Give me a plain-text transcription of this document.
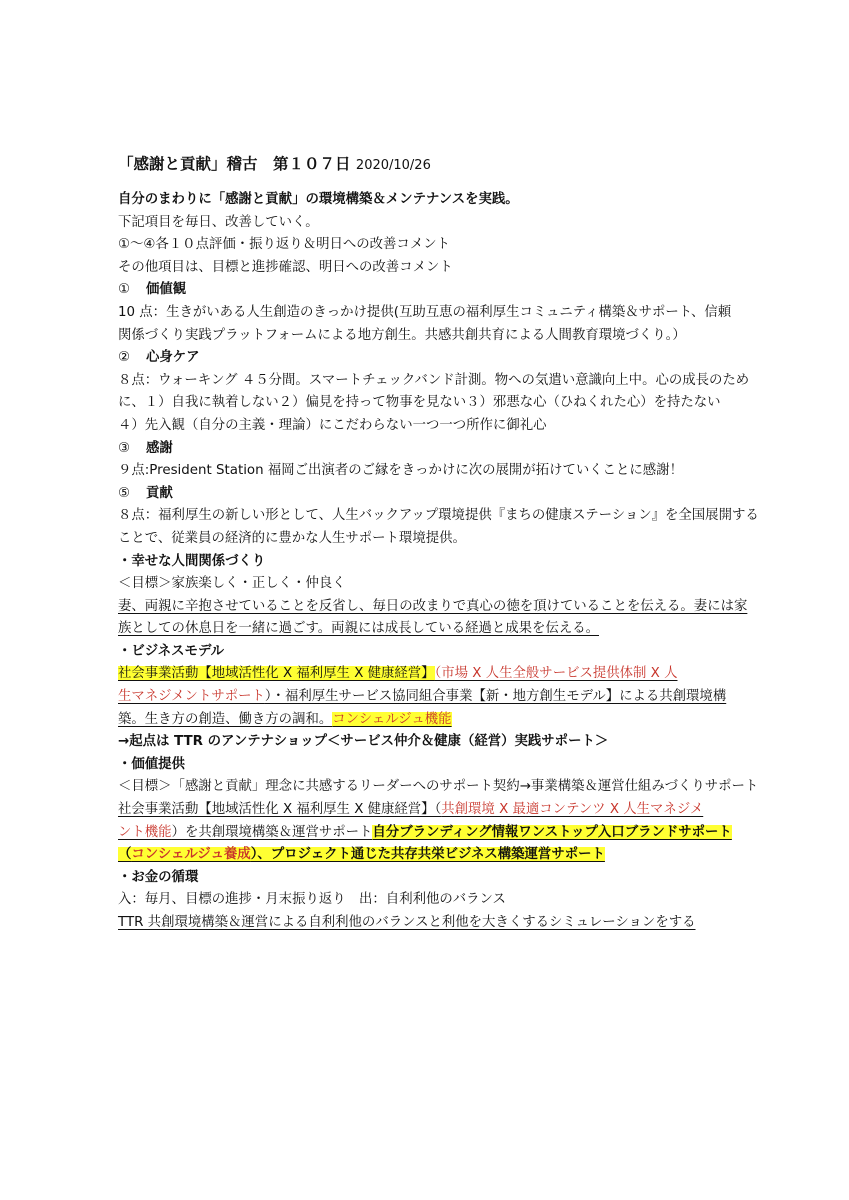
「感謝と貢献」稽古　第１０７日 2020/10/26

自分のまわりに「感謝と貢献」の環境構築＆メンテナンスを実践。

下記項目を毎日、改善していく。

①～④各１０点評価・振り返り＆明日への改善コメント

その他項目は、目標と進捗確認、明日への改善コメント

① 価値観

10 点：生きがいある人生創造のきっかけ提供(互助互恵の福利厚生コミュニティ構築＆サポート、信頼

関係づくり実践プラットフォームによる地方創生。共感共創共育による人間教育環境づくり。）

② 心身ケア

８点：ウォーキング ４５分間。スマートチェックバンド計測。物への気遣い意識向上中。心の成長のため

に、１）自我に執着しない２）偏見を持って物事を見ない３）邪悪な心（ひねくれた心）を持たない

４）先入観（自分の主義・理論）にこだわらない一つ一つ所作に御礼心

③ 感謝

９点:President Station 福岡ご出演者のご縁をきっかけに次の展開が拓けていくことに感謝！

⑤ 貢献

８点：福利厚生の新しい形として、人生バックアップ環境提供『まちの健康ステーション』を全国展開する

ことで、従業員の経済的に豊かな人生サポート環境提供。

・幸せな人間関係づくり

＜目標＞家族楽しく・正しく・仲良く

妻、両親に辛抱させていることを反省し、毎日の改まりで真心の徳を頂けていることを伝える。妻には家

族としての休息日を一緒に過ごす。両親には成長している経過と成果を伝える。

・ビジネスモデル

社会事業活動【地域活性化 X 福利厚生 X 健康経営】（市場 X 人生全般サービス提供体制 X 人

生マネジメントサポート）・福利厚生サービス協同組合事業【新・地方創生モデル】による共創環境構

築。生き方の創造、働き方の調和。コンシェルジュ機能

→起点は TTR のアンテナショップ＜サービス仲介＆健康（経営）実践サポート＞

・価値提供

＜目標＞「感謝と貢献」理念に共感するリーダーへのサポート契約→事業構築＆運営仕組みづくりサポート

社会事業活動【地域活性化 X 福利厚生 X 健康経営】（共創環境 X 最適コンテンツ X 人生マネジメ

ント機能）を共創環境構築＆運営サポート自分ブランディング情報ワンストップ入口ブランドサポート

（コンシェルジュ養成）、プロジェクト通じた共存共栄ビジネス構築運営サポート

・お金の循環

入：毎月、目標の進捗・月末振り返り　出：自利利他のバランス

TTR 共創環境構築＆運営による自利利他のバランスと利他を大きくするシミュレーションをする
